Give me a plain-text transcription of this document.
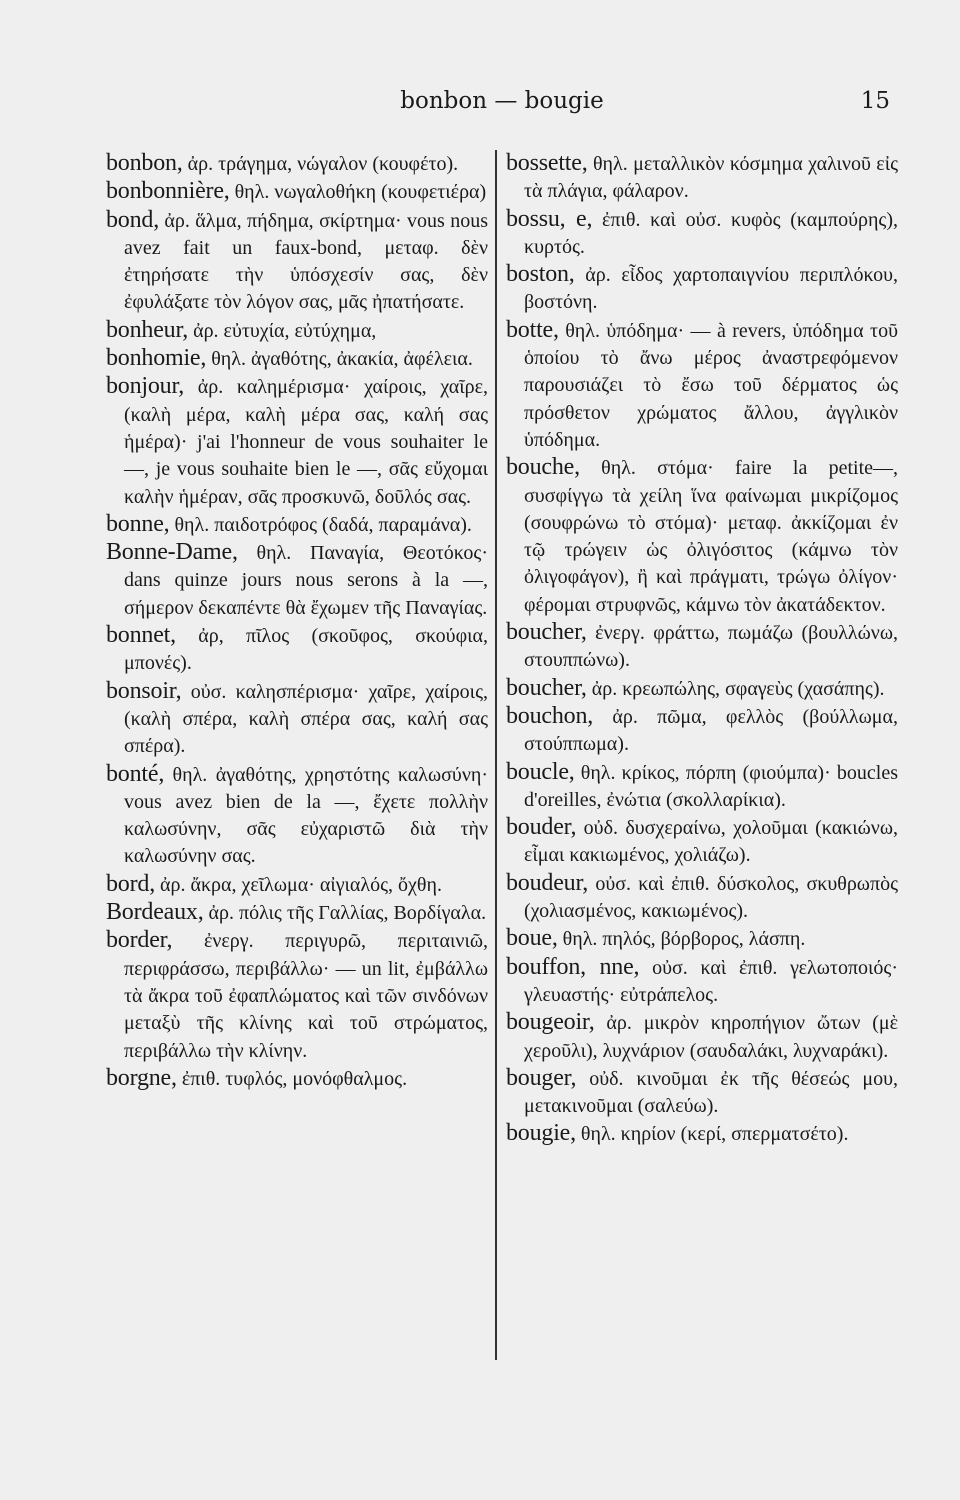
bonbon — bougie	15

bonbon, ἀρ. τράγημα, νώγαλον (κουφέτο).

bonbonnière, θηλ. νωγαλοθήκη (κουφετιέρα)

bond, ἀρ. ἅλμα, πήδημα, σκίρτημα· vous nous avez fait un faux-bond, μεταφ. δὲν ἐτηρήσατε τὴν ὑπόσχεσίν σας, δὲν ἐφυλάξατε τὸν λόγον σας, μᾶς ἠπατήσατε.

bonheur, ἀρ. εὐτυχία, εὐτύχημα,

bonhomie, θηλ. ἀγαθότης, ἀκακία, ἀφέλεια.

bonjour, ἀρ. καλημέρισμα· χαίροις, χαῖρε, (καλὴ μέρα, καλὴ μέρα σας, καλή σας ἡμέρα)· j'ai l'honneur de vous souhaiter le —, je vous souhaite bien le —, σᾶς εὔχομαι καλὴν ἡμέραν, σᾶς προσκυνῶ, δοῦλός σας.

bonne, θηλ. παιδοτρόφος (δαδά, παραμάνα).

Bonne-Dame, θηλ. Παναγία, Θεοτόκος· dans quinze jours nous serons à la —, σήμερον δεκαπέντε θὰ ἔχωμεν τῆς Παναγίας.

bonnet, ἀρ, πῖλος (σκοῦφος, σκούφια, μπονές).

bonsoir, οὐσ. καλησπέρισμα· χαῖρε, χαίροις, (καλὴ σπέρα, καλὴ σπέρα σας, καλή σας σπέρα).

bonté, θηλ. ἀγαθότης, χρηστότης καλωσύνη· vous avez bien de la —, ἔχετε πολλὴν καλωσύνην, σᾶς εὐχαριστῶ διὰ τὴν καλωσύνην σας.

bord, ἀρ. ἄκρα, χεῖλωμα· αἰγιαλός, ὄχθη.

Bordeaux, ἀρ. πόλις τῆς Γαλλίας, Βορδίγαλα.

border, ἐνεργ. περιγυρῶ, περιταινιῶ, περιφράσσω, περιβάλλω· — un lit, ἐμβάλλω τὰ ἄκρα τοῦ ἐφαπλώματος καὶ τῶν σινδόνων μεταξὺ τῆς κλίνης καὶ τοῦ στρώματος, περιβάλλω τὴν κλίνην.

borgne, ἐπιθ. τυφλός, μονόφθαλμος.

bossette, θηλ. μεταλλικὸν κόσμημα χαλινοῦ εἰς τὰ πλάγια, φάλαρον.

bossu, e, ἐπιθ. καὶ οὐσ. κυφὸς (καμπούρης), κυρτός.

boston, ἀρ. εἶδος χαρτοπαιγνίου περιπλόκου, βοστόνη.

botte, θηλ. ὑπόδημα· — à revers, ὑπόδημα τοῦ ὁποίου τὸ ἄνω μέρος ἀναστρεφόμενον παρουσιάζει τὸ ἔσω τοῦ δέρματος ὡς πρόσθετον χρώματος ἄλλου, ἀγγλικὸν ὑπόδημα.

bouche, θηλ. στόμα· faire la petite—, συσφίγγω τὰ χείλη ἵνα φαίνωμαι μικρίζομος (σουφρώνω τὸ στόμα)· μεταφ. ἀκκίζομαι ἐν τῷ τρώγειν ὡς ὀλιγόσιτος (κάμνω τὸν ὀλιγοφάγον), ἢ καὶ πράγματι, τρώγω ὀλίγον· φέρομαι στρυφνῶς, κάμνω τὸν ἀκατάδεκτον.

boucher, ἐνεργ. φράττω, πωμάζω (βουλλώνω, στουππώνω).

boucher, ἀρ. κρεωπώλης, σφαγεὺς (χασάπης).

bouchon, ἀρ. πῶμα, φελλὸς (βούλλωμα, στούππωμα).

boucle, θηλ. κρίκος, πόρπη (φιούμπα)· boucles d'oreilles, ἐνώτια (σκολλαρίκια).

bouder, οὐδ. δυσχεραίνω, χολοῦμαι (κακιώνω, εἶμαι κακιωμένος, χολιάζω).

boudeur, οὐσ. καὶ ἐπιθ. δύσκολος, σκυθρωπὸς (χολιασμένος, κακιωμένος).

boue, θηλ. πηλός, βόρβορος, λάσπη.

bouffon, nne, οὐσ. καὶ ἐπιθ. γελωτοποιός· γλευαστής· εὐτράπελος.

bougeoir, ἀρ. μικρὸν κηροπήγιον ὤτων (μὲ χεροῦλι), λυχνάριον (σαυδαλάκι, λυχναράκι).

bouger, οὐδ. κινοῦμαι ἐκ τῆς θέσεώς μου, μετακινοῦμαι (σαλεύω).

bougie, θηλ. κηρίον (κερί, σπερματσέτο).
